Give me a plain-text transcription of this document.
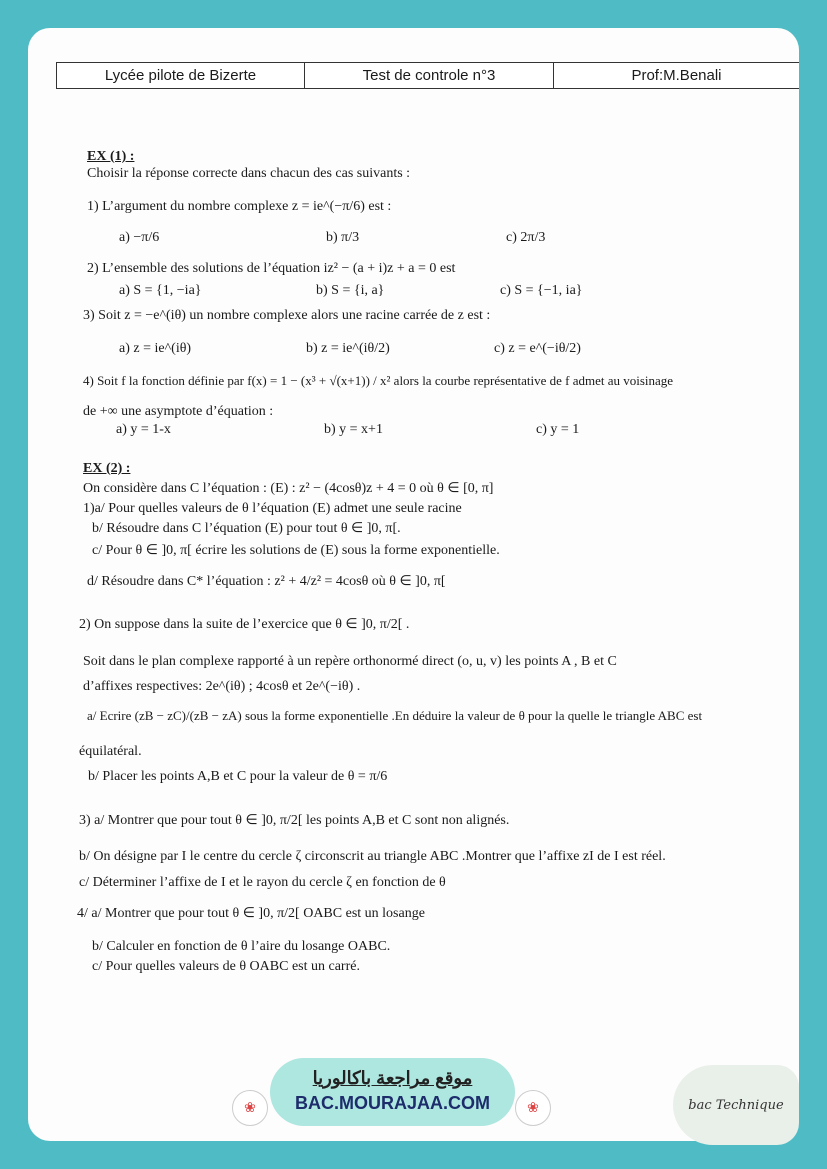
Lycée pilote de Bizerte	Test de controle n°3	Prof:M.Benali
EX (1) :
Choisir la réponse correcte dans chacun des cas suivants :
1) L’argument du nombre complexe z = ie^(−π/6) est :
a) −π/6	b) π/3	c) 2π/3
2) L’ensemble des solutions de l’équation iz² − (a + i)z + a = 0 est
a) S = {1, −ia}	b) S = {i, a}	c) S = {−1, ia}
3) Soit z = −e^(iθ) un nombre complexe alors une racine carrée de z est :
a) z = ie^(iθ)	b) z = ie^(iθ/2)	c) z = e^(−iθ/2)
4) Soit f la fonction définie par f(x) = 1 − (x³ + √(x+1)) / x² alors la courbe représentative de f admet au voisinage
de +∞ une asymptote d’équation :
a) y = 1-x	b) y = x+1	c) y = 1
EX (2) :
On considère dans C l’équation : (E) : z² − (4cosθ)z + 4 = 0 où θ ∈ [0, π]
1)a/ Pour quelles valeurs de θ l’équation (E) admet une seule racine
b/ Résoudre dans C l’équation (E) pour tout θ ∈ ]0, π[.
c/ Pour θ ∈ ]0, π[ écrire les solutions de (E) sous la forme exponentielle.
d/ Résoudre dans C* l’équation : z² + 4/z² = 4cosθ où θ ∈ ]0, π[
2) On suppose dans la suite de l’exercice que θ ∈ ]0, π/2[ .
Soit dans le plan complexe rapporté à un repère orthonormé direct (o, u, v) les points A , B et C
d’affixes respectives: 2e^(iθ) ; 4cosθ et 2e^(−iθ) .
a/ Ecrire (zB − zC)/(zB − zA) sous la forme exponentielle .En déduire la valeur de θ pour la quelle le triangle ABC est
équilatéral.
b/ Placer les points A,B et C pour la valeur de θ = π/6
3) a/ Montrer que pour tout θ ∈ ]0, π/2[ les points A,B et C sont non alignés.
b/ On désigne par I le centre du cercle ζ circonscrit au triangle ABC .Montrer que l’affixe zI de I est réel.
c/ Déterminer l’affixe de I et le rayon du cercle ζ en fonction de θ
4/ a/ Montrer que pour tout θ ∈ ]0, π/2[ OABC est un losange
b/ Calculer en fonction de θ l’aire du losange OABC.
c/ Pour quelles valeurs de θ OABC est un carré.
❀
موقع مراجعة باكالوريا
BAC.MOURAJAA.COM	❀	bac Technique
